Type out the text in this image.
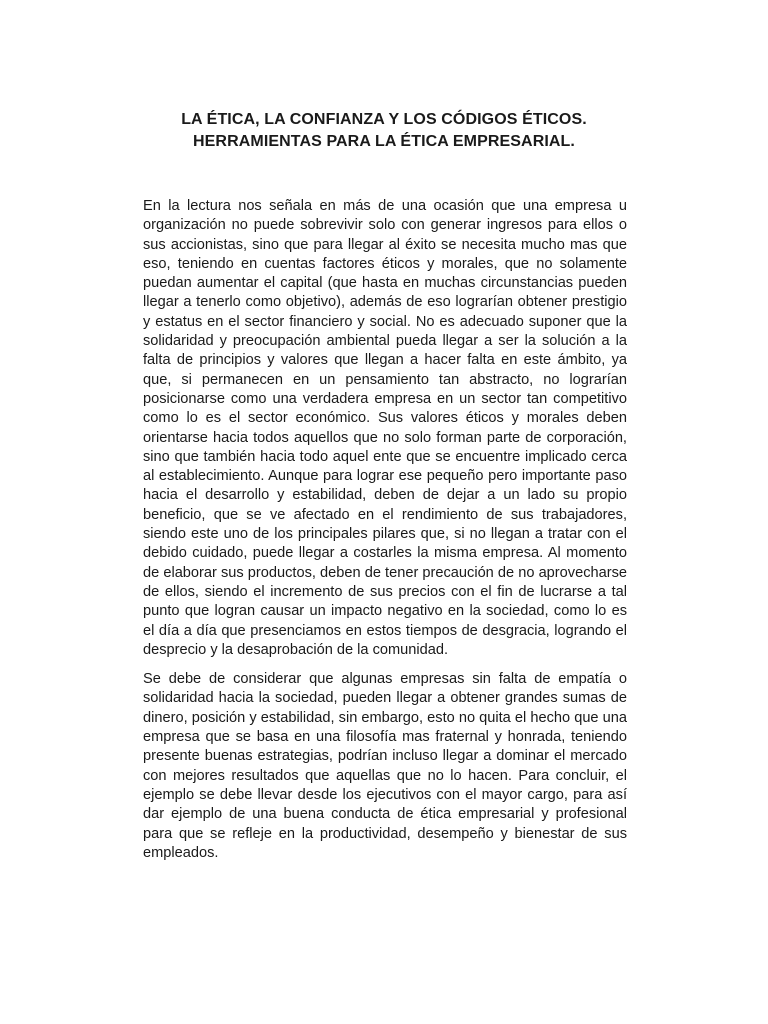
LA ÉTICA, LA CONFIANZA Y LOS CÓDIGOS ÉTICOS.
HERRAMIENTAS PARA LA ÉTICA EMPRESARIAL.

En la lectura nos señala en más de una ocasión que una empresa u organización no puede sobrevivir solo con generar ingresos para ellos o sus accionistas, sino que para llegar al éxito se necesita mucho mas que eso, teniendo en cuentas factores éticos y morales, que no solamente puedan aumentar el capital (que hasta en muchas circunstancias pueden llegar a tenerlo como objetivo), además de eso lograrían obtener prestigio y estatus en el sector financiero y social. No es adecuado suponer que la solidaridad y preocupación ambiental pueda llegar a ser la solución a la falta de principios y valores que llegan a hacer falta en este ámbito, ya que, si permanecen en un pensamiento tan abstracto, no lograrían posicionarse como una verdadera empresa en un sector tan competitivo como lo es el sector económico. Sus valores éticos y morales deben orientarse hacia todos aquellos que no solo forman parte de corporación, sino que también hacia todo aquel ente que se encuentre implicado cerca al establecimiento. Aunque para lograr ese pequeño pero importante paso hacia el desarrollo y estabilidad, deben de dejar a un lado su propio beneficio, que se ve afectado en el rendimiento de sus trabajadores, siendo este uno de los principales pilares que, si no llegan a tratar con el debido cuidado, puede llegar a costarles la misma empresa. Al momento de elaborar sus productos, deben de tener precaución de no aprovecharse de ellos, siendo el incremento de sus precios con el fin de lucrarse a tal punto que logran causar un impacto negativo en la sociedad, como lo es el día a día que presenciamos en estos tiempos de desgracia, logrando el desprecio y la desaprobación de la comunidad.

Se debe de considerar que algunas empresas sin falta de empatía o solidaridad hacia la sociedad, pueden llegar a obtener grandes sumas de dinero, posición y estabilidad, sin embargo, esto no quita el hecho que una empresa que se basa en una filosofía mas fraternal y honrada, teniendo presente buenas estrategias, podrían incluso llegar a dominar el mercado con mejores resultados que aquellas que no lo hacen. Para concluir, el ejemplo se debe llevar desde los ejecutivos con el mayor cargo, para así dar ejemplo de una buena conducta de ética empresarial y profesional para que se refleje en la productividad, desempeño y bienestar de sus empleados.
